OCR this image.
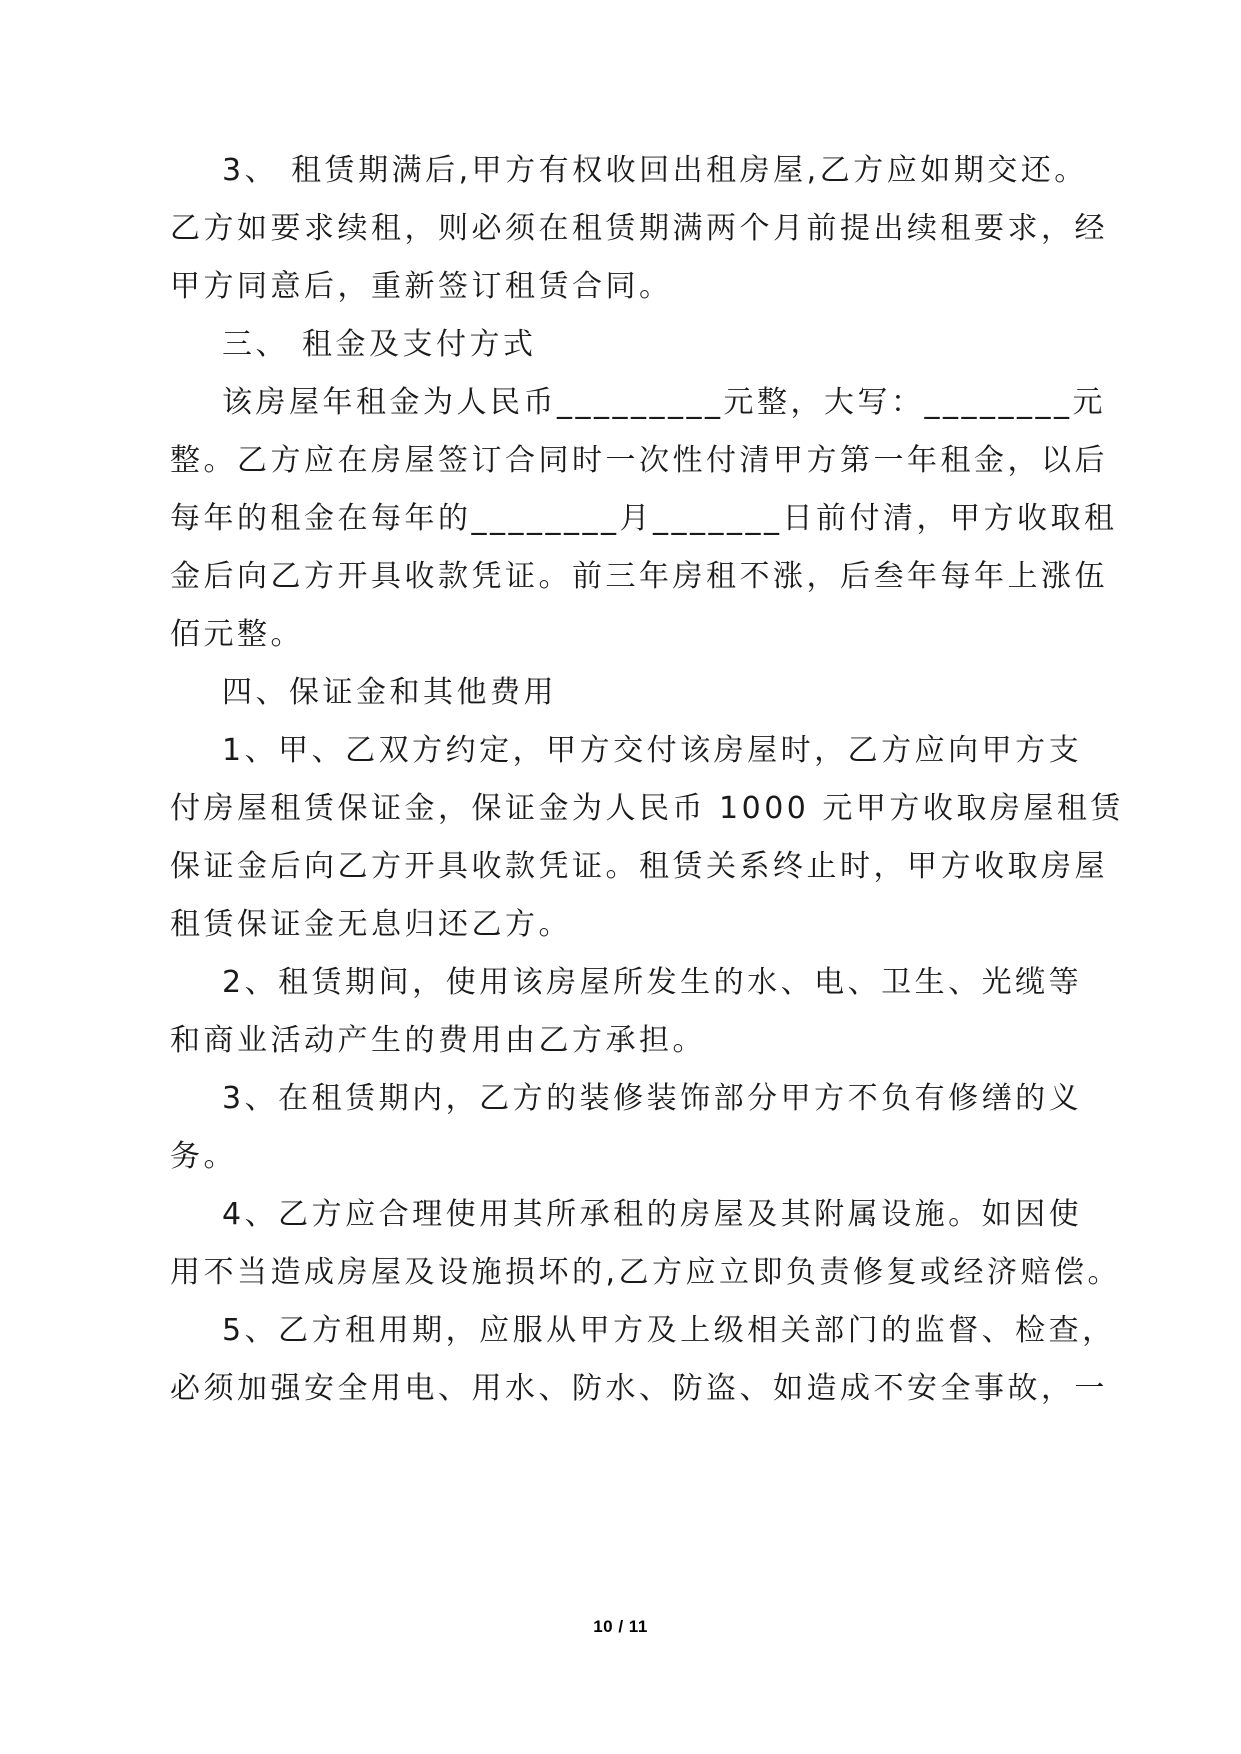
3、 租赁期满后,甲方有权收回出租房屋,乙方应如期交还。
乙方如要求续租，则必须在租赁期满两个月前提出续租要求，经
甲方同意后，重新签订租赁合同。
三、 租金及支付方式
该房屋年租金为人民币_________元整，大写：________元
整。乙方应在房屋签订合同时一次性付清甲方第一年租金，以后
每年的租金在每年的________月_______日前付清，甲方收取租
金后向乙方开具收款凭证。前三年房租不涨，后叁年每年上涨伍
佰元整。
四、保证金和其他费用
1、甲、乙双方约定，甲方交付该房屋时，乙方应向甲方支
付房屋租赁保证金，保证金为人民币 1000 元甲方收取房屋租赁
保证金后向乙方开具收款凭证。租赁关系终止时，甲方收取房屋
租赁保证金无息归还乙方。
2、租赁期间，使用该房屋所发生的水、电、卫生、光缆等
和商业活动产生的费用由乙方承担。
3、在租赁期内，乙方的装修装饰部分甲方不负有修缮的义
务。
4、乙方应合理使用其所承租的房屋及其附属设施。如因使
用不当造成房屋及设施损坏的,乙方应立即负责修复或经济赔偿。
5、乙方租用期，应服从甲方及上级相关部门的监督、检查，
必须加强安全用电、用水、防水、防盗、如造成不安全事故，一
10 / 11
